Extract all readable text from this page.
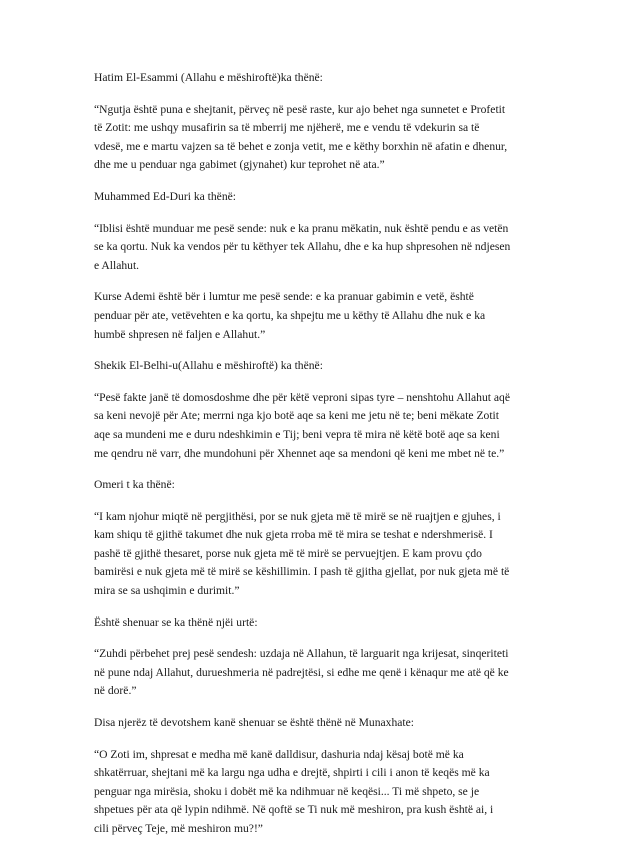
Hatim El-Esammi (Allahu e mëshiroftë)ka thënë:

“Ngutja është puna e shejtanit, përveç në pesë raste, kur ajo behet nga sunnetet e Profetit
të Zotit: me ushqy musafirin sa të mberrij me njëherë, me e vendu të vdekurin sa të
vdesë, me e martu vajzen sa të behet e zonja vetit, me e këthy borxhin në afatin e dhenur,
dhe me u penduar nga gabimet (gjynahet) kur teprohet në ata.”

Muhammed Ed-Duri ka thënë:

“Iblisi është munduar me pesë sende: nuk e ka pranu mëkatin, nuk është pendu e as vetën
se ka qortu. Nuk ka vendos për tu këthyer tek Allahu, dhe e ka hup shpresohen në ndjesen
e Allahut.

Kurse Ademi është bër i lumtur me pesë sende: e ka pranuar gabimin e vetë, është
penduar për ate, vetëvehten e ka qortu, ka shpejtu me u këthy të Allahu dhe nuk e ka
humbë shpresen në faljen e Allahut.”

Shekik El-Belhi-u(Allahu e mëshiroftë) ka thënë:

“Pesë fakte janë të domosdoshme dhe për këtë veproni sipas tyre – nenshtohu Allahut aqë
sa keni nevojë për Ate; merrni nga kjo botë aqe sa keni me jetu në te; beni mëkate Zotit
aqe sa mundeni me e duru ndeshkimin e Tij; beni vepra të mira në këtë botë aqe sa keni
me qendru në varr, dhe mundohuni për Xhennet aqe sa mendoni që keni me mbet në te.”

Omeri t ka thënë:

“I kam njohur miqtë në pergjithësi, por se nuk gjeta më të mirë se në ruajtjen e gjuhes, i
kam shiqu të gjithë takumet dhe nuk gjeta rroba më të mira se teshat e ndershmerisë. I
pashë të gjithë thesaret, porse nuk gjeta më të mirë se pervuejtjen. E kam provu çdo
bamirësi e nuk gjeta më të mirë se këshillimin. I pash të gjitha gjellat, por nuk gjeta më të
mira se sa ushqimin e durimit.”

Është shenuar se ka thënë njëi urtë:

“Zuhdi përbehet prej pesë sendesh: uzdaja në Allahun, të larguarit nga krijesat, sinqeriteti
në pune ndaj Allahut, durueshmeria në padrejtësi, si edhe me qenë i kënaqur me atë që ke
në dorë.”

Disa njerëz të devotshem kanë shenuar se është thënë në Munaxhate:

“O Zoti im, shpresat e medha më kanë dalldisur, dashuria ndaj kësaj botë më ka
shkatërruar, shejtani më ka largu nga udha e drejtë, shpirti i cili i anon të keqës më ka
penguar nga mirësia, shoku i dobët më ka ndihmuar në keqësi... Ti më shpeto, se je
shpetues për ata që lypin ndihmë. Në qoftë se Ti nuk më meshiron, pra kush është ai, i
cili përveç Teje, më meshiron mu?!”
